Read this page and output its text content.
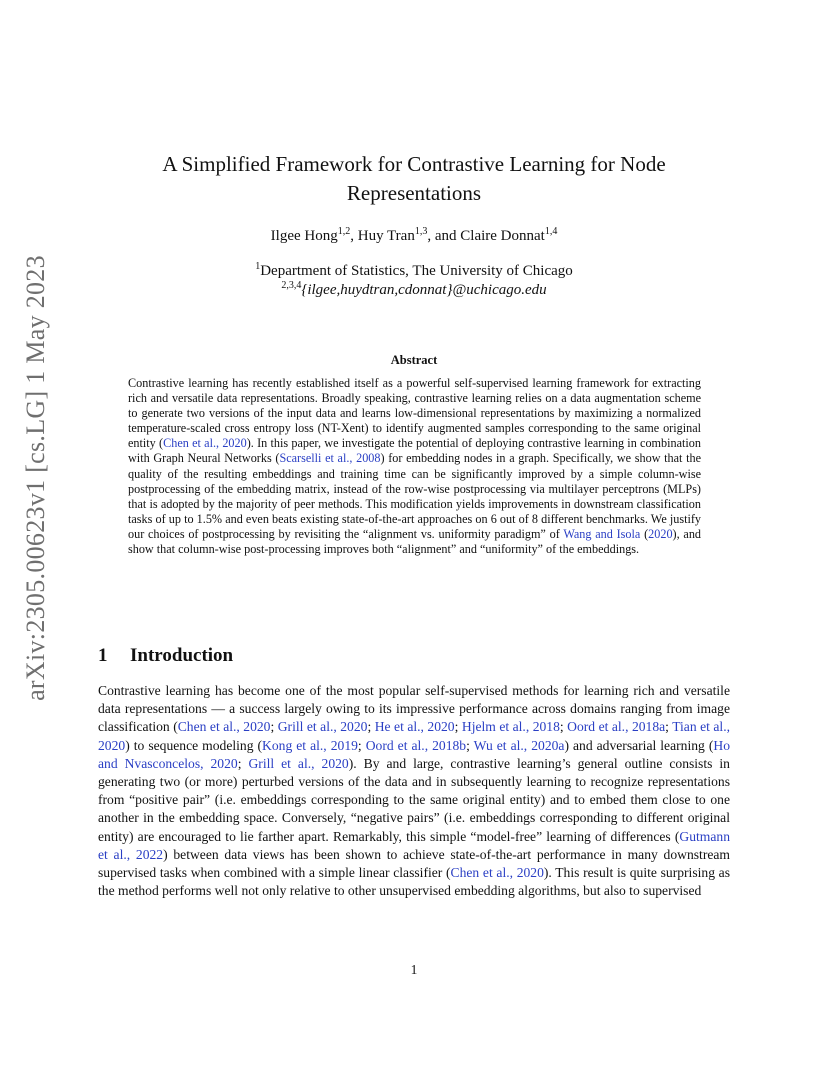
arXiv:2305.00623v1 [cs.LG] 1 May 2023
A Simplified Framework for Contrastive Learning for Node Representations
Ilgee Hong$^{1,2}$, Huy Tran$^{1,3}$, and Claire Donnat$^{1,4}$
$^1$Department of Statistics, The University of Chicago
$^{2,3,4}${ilgee,huydtran,cdonnat}@uchicago.edu
Abstract
Contrastive learning has recently established itself as a powerful self-supervised learning framework for extracting rich and versatile data representations. Broadly speaking, contrastive learning relies on a data augmentation scheme to generate two versions of the input data and learns low-dimensional representations by maximizing a normalized temperature-scaled cross entropy loss (NT-Xent) to identify augmented samples corresponding to the same original entity (Chen et al., 2020). In this paper, we investigate the potential of deploying contrastive learning in combination with Graph Neural Networks (Scarselli et al., 2008) for embedding nodes in a graph. Specifically, we show that the quality of the resulting embeddings and training time can be significantly improved by a simple column-wise postprocessing of the embedding matrix, instead of the row-wise postprocessing via multilayer perceptrons (MLPs) that is adopted by the majority of peer methods. This modification yields improvements in downstream classification tasks of up to 1.5% and even beats existing state-of-the-art approaches on 6 out of 8 different benchmarks. We justify our choices of postprocessing by revisiting the “alignment vs. uniformity paradigm” of Wang and Isola (2020), and show that column-wise post-processing improves both “alignment” and “uniformity” of the embeddings.
1 Introduction
Contrastive learning has become one of the most popular self-supervised methods for learning rich and versatile data representations — a success largely owing to its impressive performance across domains ranging from image classification (Chen et al., 2020; Grill et al., 2020; He et al., 2020; Hjelm et al., 2018; Oord et al., 2018a; Tian et al., 2020) to sequence modeling (Kong et al., 2019; Oord et al., 2018b; Wu et al., 2020a) and adversarial learning (Ho and Nvasconcelos, 2020; Grill et al., 2020). By and large, contrastive learning’s general outline consists in generating two (or more) perturbed versions of the data and in subsequently learning to recognize representations from “positive pair” (i.e. embeddings corresponding to the same original entity) and to embed them close to one another in the embedding space. Conversely, “negative pairs” (i.e. embeddings corresponding to different original entity) are encouraged to lie farther apart. Remarkably, this simple “model-free” learning of differences (Gutmann et al., 2022) between data views has been shown to achieve state-of-the-art performance in many downstream supervised tasks when combined with a simple linear classifier (Chen et al., 2020). This result is quite surprising as the method performs well not only relative to other unsupervised embedding algorithms, but also to supervised
1
